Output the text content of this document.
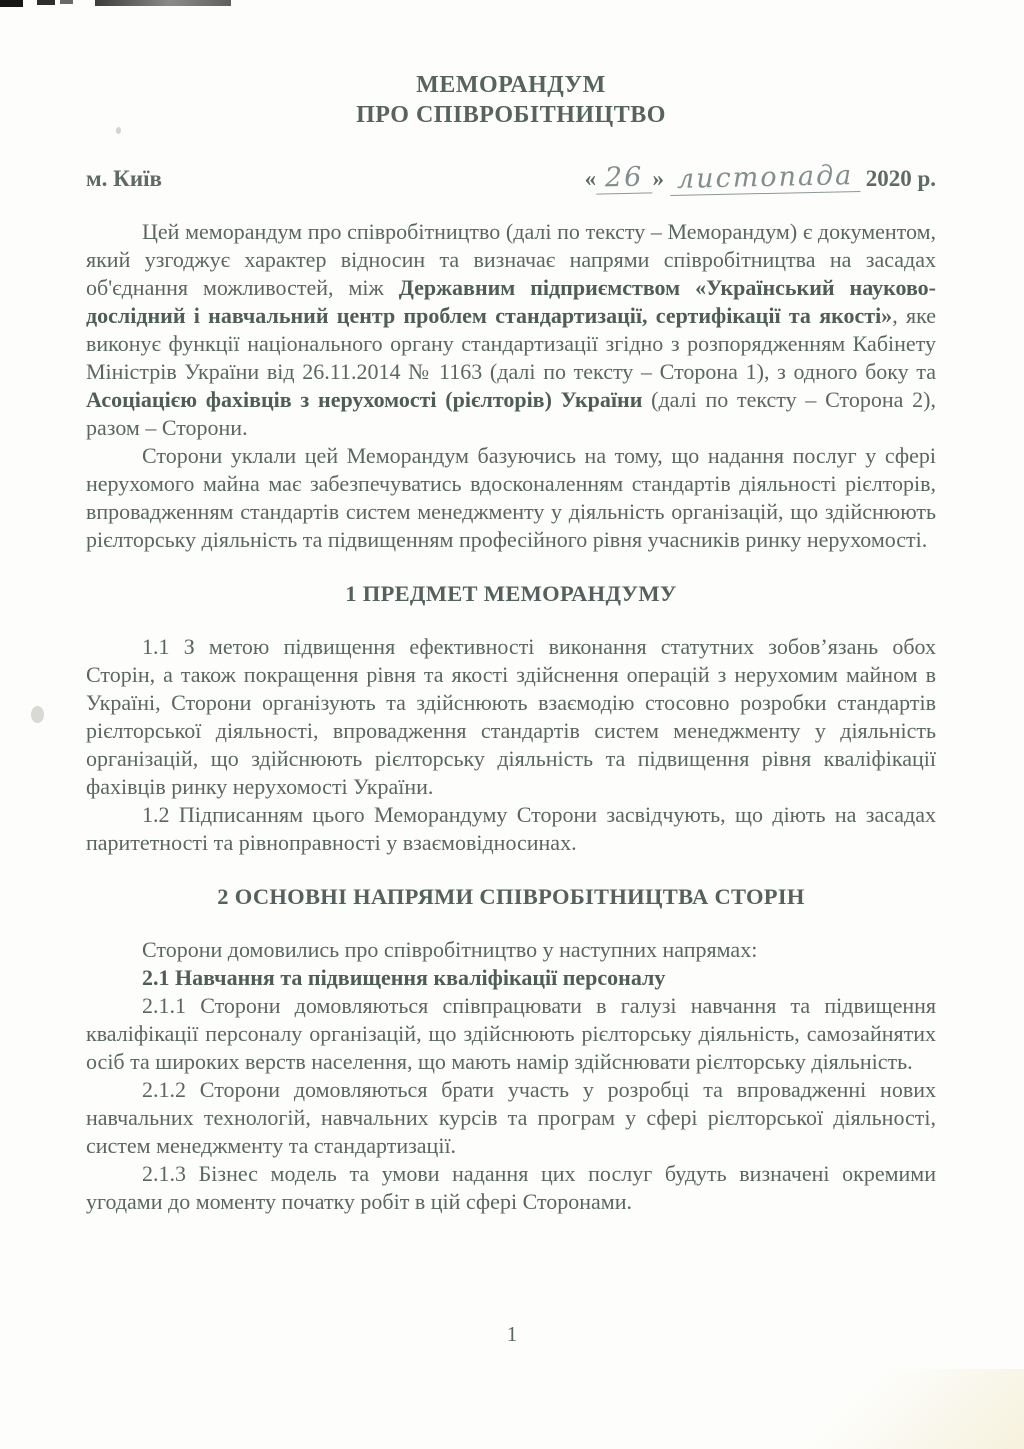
МЕМОРАНДУМ
ПРО СПІВРОБІТНИЦТВО
м. Київ	« 26 » листопада 2020 р.

Цей меморандум про співробітництво (далі по тексту – Меморандум) є документом, який узгоджує характер відносин та визначає напрями співробітництва на засадах об'єднання можливостей, між Державним підприємством «Український науково-дослідний і навчальний центр проблем стандартизації, сертифікації та якості», яке виконує функції національного органу стандартизації згідно з розпорядженням Кабінету Міністрів України від 26.11.2014 № 1163 (далі по тексту – Сторона 1), з одного боку та Асоціацією фахівців з нерухомості (рієлторів) України (далі по тексту – Сторона 2), разом – Сторони.

Сторони уклали цей Меморандум базуючись на тому, що надання послуг у сфері нерухомого майна має забезпечуватись вдосконаленням стандартів діяльності рієлторів, впровадженням стандартів систем менеджменту у діяльність організацій, що здійснюють рієлторську діяльність та підвищенням професійного рівня учасників ринку нерухомості.

1 ПРЕДМЕТ МЕМОРАНДУМУ

1.1 З метою підвищення ефективності виконання статутних зобов’язань обох Сторін, а також покращення рівня та якості здійснення операцій з нерухомим майном в Україні, Сторони організують та здійснюють взаємодію стосовно розробки стандартів рієлторської діяльності, впровадження стандартів систем менеджменту у діяльність організацій, що здійснюють рієлторську діяльність та підвищення рівня кваліфікації фахівців ринку нерухомості України.

1.2 Підписанням цього Меморандуму Сторони засвідчують, що діють на засадах паритетності та рівноправності у взаємовідносинах.

2 ОСНОВНІ НАПРЯМИ СПІВРОБІТНИЦТВА СТОРІН

Сторони домовились про співробітництво у наступних напрямах:

2.1 Навчання та підвищення кваліфікації персоналу

2.1.1 Сторони домовляються співпрацювати в галузі навчання та підвищення кваліфікації персоналу організацій, що здійснюють рієлторську діяльність, самозайнятих осіб та широких верств населення, що мають намір здійснювати рієлторську діяльність.

2.1.2 Сторони домовляються брати участь у розробці та впровадженні нових навчальних технологій, навчальних курсів та програм у сфері рієлторської діяльності, систем менеджменту та стандартизації.

2.1.3 Бізнес модель та умови надання цих послуг будуть визначені окремими угодами до моменту початку робіт в цій сфері Сторонами.

1
